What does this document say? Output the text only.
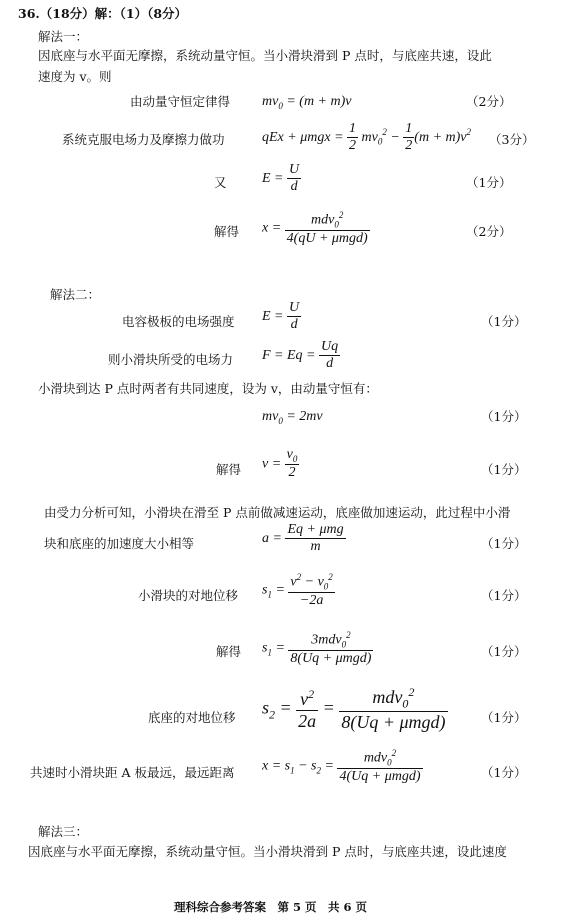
36.（18分）解：（1）（8分）
解法一：
因底座与水平面无摩擦，系统动量守恒。当小滑块滑到 P 点时，与底座共速，设此
速度为 v。则
由动量守恒定律得 $mv_0 = (m + m)v$	（2分）
系统克服电场力及摩擦力做功	qEx + $\mu mgx = \frac{1}{2} mv_0^2 - \frac{1}{2} (m + m)v^2$ （3分）
又	$E = \frac{U}{d}$	（1分）
解得 $x = \frac{mdv_0^2}{\text{4(qU + μmgd)}}$	（2分）
解法二：
电容极板的电场强度 $E = \frac{U}{d}$	（1分）
则小滑块所受的电场力 $F = Eq = \frac{Uq}{d}$
小滑块到达 P 点时两者有共同速度，设为 v，由动量守恒有：
$mv_0 = 2mv$	（1分）
解得 $v = \frac{v_0}{2}$	（1分）
由受力分析可知，小滑块在滑至 P 点前做减速运动，底座做加速运动，此过程中小滑
块和底座的加速度大小相等	$a = \frac{\text{Eq + μmg}}{m}$	（1分）
小滑块的对地位移 $s_1 = \frac{v^2 - v_0^2}{-2a}$	（1分）
解得 $s_1 = \frac{3mdv_0^2}{\text{8(Uq + μmgd)}}$	（1分）
底座的对地位移 $s_2 = \frac{v^2}{2a} = \frac{mdv_0^2}{\text{8(Uq + μmgd)}}$	（1分）
共速时小滑块距 A 板最远，最远距离 $x = s_1 - s_2 = \frac{mdv_0^2}{\text{4(Uq + μmgd)}}$	（1分）
解法三：
因底座与水平面无摩擦，系统动量守恒。当小滑块滑到 P 点时，与底座共速，设此速度
理科综合参考答案　第 5 页　共 6 页
